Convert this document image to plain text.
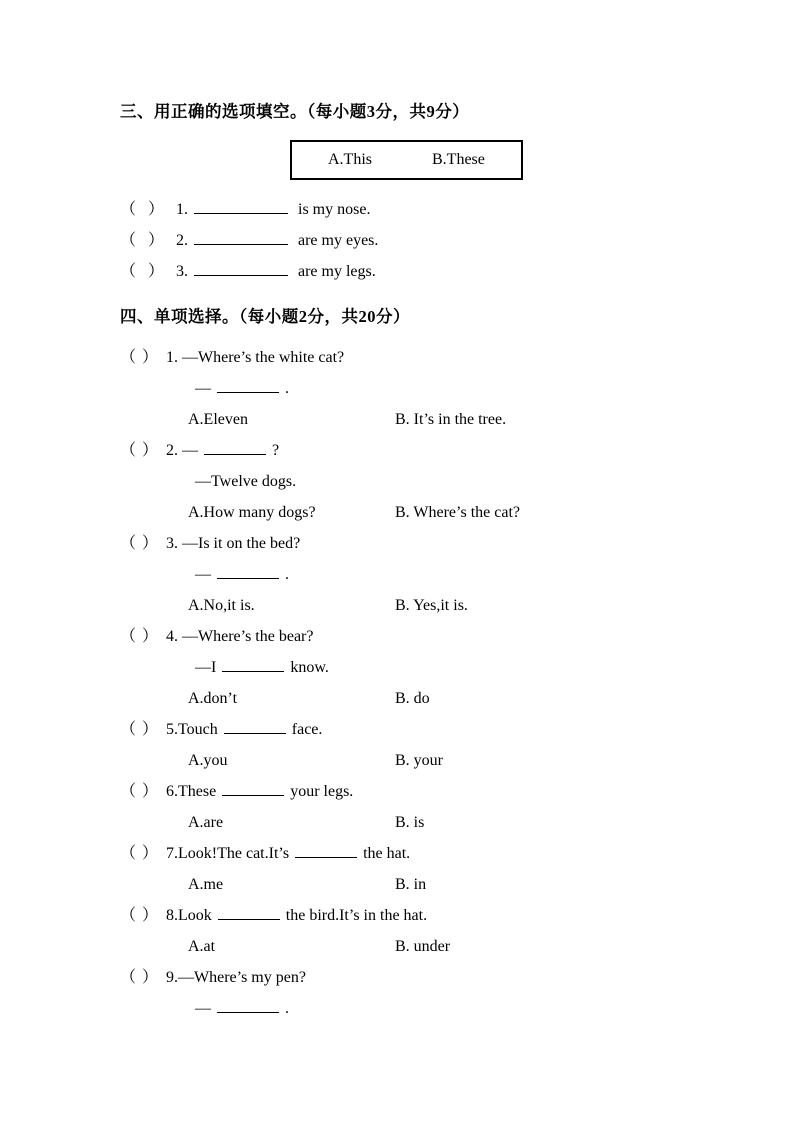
三、用正确的选项填空。（每小题3分，共9分）
A.This	B.These
（ ） 1.	is my nose.
（ ） 2.	are my eyes.
（ ） 3.	are my legs.
四、单项选择。（每小题2分，共20分）
（ ） 1. —Where’s the white cat?
—	.
A.Eleven	B. It’s in the tree.
（ ） 2. —	?
—Twelve dogs.
A.How many dogs?	B. Where’s the cat?
（ ） 3. —Is it on the bed?
—	.
A.No,it is.	B. Yes,it is.
（ ） 4. —Where’s the bear?
—I	know.
A.don’t	B. do
（ ） 5.Touch	face.
A.you	B. your
（ ） 6.These	your legs.
A.are	B. is
（ ） 7.Look!The cat.It’s	the hat.
A.me	B. in
（ ） 8.Look	the bird.It’s in the hat.
A.at	B. under
（ ） 9.—Where’s my pen?
—	.
